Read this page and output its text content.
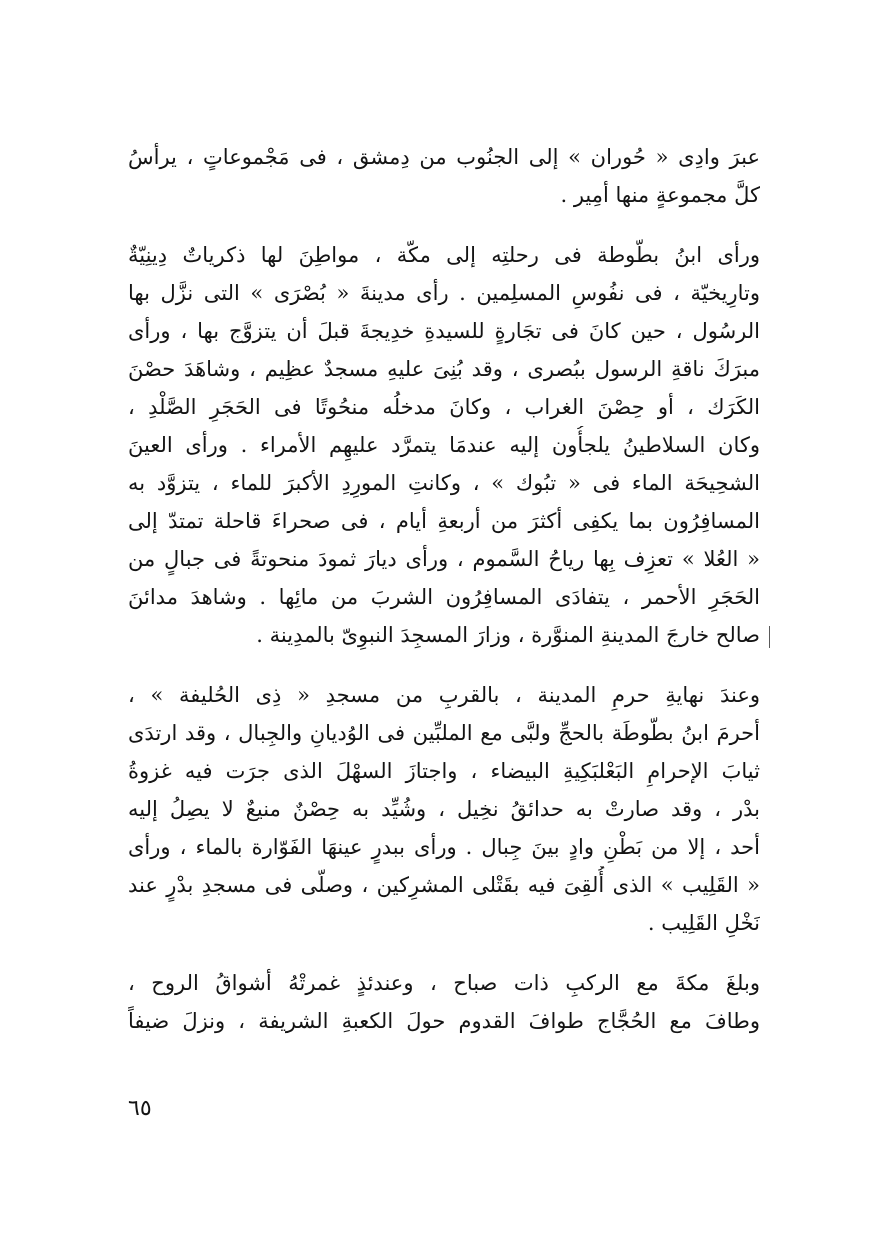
عبرَ وادِى « حُوران » إلى الجنُوب من دِمشق ، فى مَجْموعاتٍ ، يرأسُ
كلَّ مجموعةٍ منها أمِير .
ورأى ابنُ بطّوطة فى رحلتِه إلى مكّة ، مواطِنَ لها ذكرياتٌ دِينِيّةٌ
وتارِيخيّة ، فى نفُوسِ المسلِمين . رأى مدينةَ « بُصْرَى » التى نزَّل بها
الرسُول ، حين كانَ فى تجَارةٍ للسيدةِ خدِيجةَ قبلَ أن يتزوَّج بها ، ورأى
مبرَكَ ناقةِ الرسول ببُصرى ، وقد بُنِىَ عليهِ مسجدٌ عظِيم ، وشاهَدَ حصْنَ
الكَرَك ، أو حِصْنَ الغراب ، وكانَ مدخلُه منحُوتًا فى الحَجَرِ الصَّلْدِ ،
وكان السلاطينُ يلجأُون إليه عندمَا يتمرَّد عليهِم الأمراء . ورأى العينَ
الشحِيحَة الماء فى « تبُوك » ، وكانتِ المورِدِ الأكبرَ للماء ، يتزوَّد به
المسافِرُون بما يكفِى أكثرَ من أربعةِ أيام ، فى صحراءَ قاحلة تمتدّ إلى
« العُلا » تعزِف بِها رياحُ السَّموم ، ورأى ديارَ ثمودَ منحوتةً فى جبالٍ من
الحَجَرِ الأحمر ، يتفادَى المسافِرُون الشربَ من مائِها . وشاهدَ مدائنَ
صالح خارجَ المدينةِ المنوَّرة ، وزارَ المسجِدَ النبوِىّ بالمدِينة .
وعندَ نهايةِ حرمِ المدينة ، بالقربِ من مسجدِ « ذِى الحُليفة » ،
أحرمَ ابنُ بطّوطَة بالحجِّ ولبَّى مع الملبِّين فى الوُديانِ والجِبال ، وقد ارتدَى
ثيابَ الإحرامِ البَعْلبَكِيةِ البيضاء ، واجتازَ السهْلَ الذى جرَت فيه غزوةُ
بدْر ، وقد صارتْ به حدائقُ نخِيل ، وشُيِّد به حِصْنٌ منيعٌ لا يصِلُ إليه
أحد ، إلا من بَطْنِ وادٍ بينَ جِبال . ورأى ببدرٍ عينهَا الفَوّارة بالماء ، ورأى
« القَلِيب » الذى أُلقِىَ فيه بقَتْلى المشرِكين ، وصلّى فى مسجدِ بدْرٍ عند
نَخْلِ القَلِيب .
وبلغَ مكةَ مع الركبِ ذات صباح ، وعندئذٍ غمرتْهُ أشواقُ الروح ،
وطافَ مع الحُجَّاج طوافَ القدوم حولَ الكعبةِ الشريفة ، ونزلَ ضيفاً
٦٥
